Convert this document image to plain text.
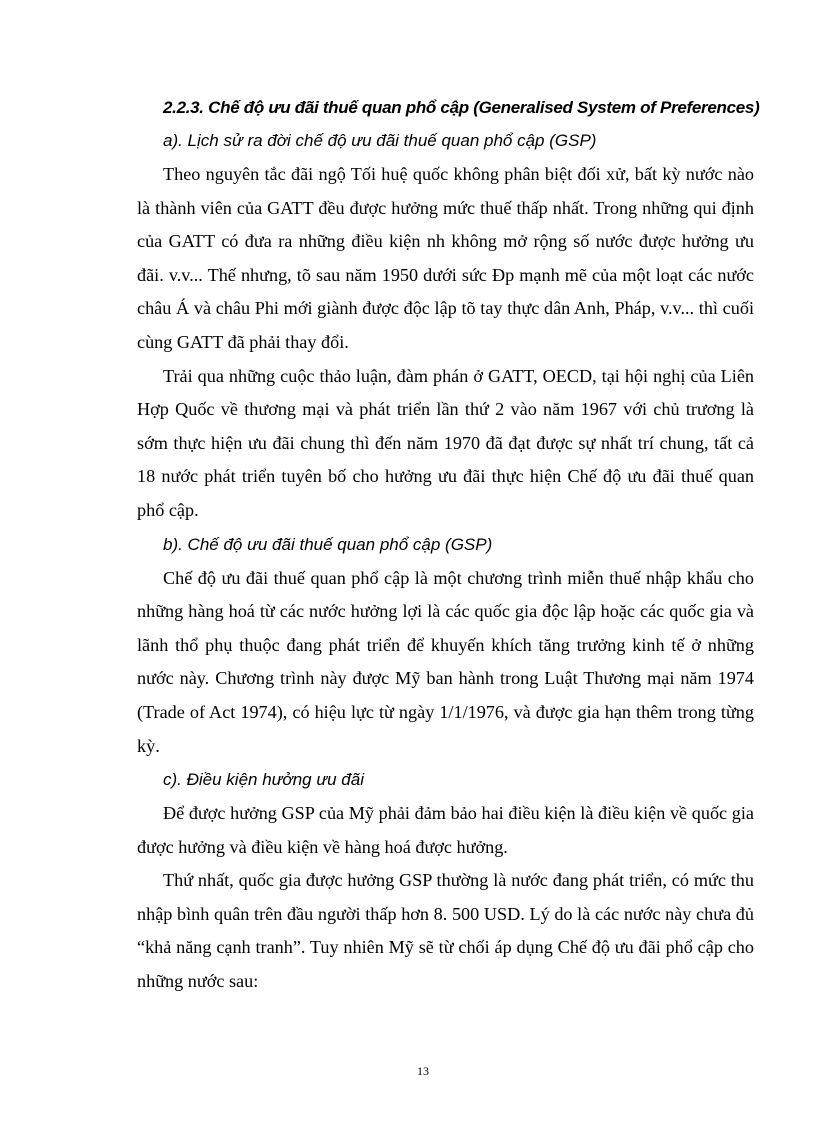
2.2.3. Chế độ ưu đãi thuế quan phổ cập (Generalised System of Preferences)

a). Lịch sử ra đời chế độ ưu đãi thuế quan phổ cập (GSP)

Theo nguyên tắc đãi ngộ Tối huệ quốc không phân biệt đối xử, bất kỳ nước nào là thành viên của GATT đều được hưởng mức thuế thấp nhất. Trong những qui định của GATT có đưa ra những điều kiện nh không mở rộng số nước được hưởng ưu đãi. v.v... Thế nhưng, tõ sau năm 1950 dưới sức Ðp mạnh mẽ của một loạt các nước châu Á và châu Phi mới giành được độc lập tõ tay thực dân Anh, Pháp, v.v... thì cuối cùng GATT đã phải thay đổi.

Trải qua những cuộc thảo luận, đàm phán ở GATT, OECD, tại hội nghị của Liên Hợp Quốc về thương mại và phát triển lần thứ 2 vào năm 1967 với chủ trương là sớm thực hiện ưu đãi chung thì đến năm 1970 đã đạt được sự nhất trí chung, tất cả 18 nước phát triển tuyên bố cho hưởng ưu đãi thực hiện Chế độ ưu đãi thuế quan phổ cập.

b). Chế độ ưu đãi thuế quan phổ cập (GSP)

Chế độ ưu đãi thuế quan phổ cập là một chương trình miễn thuế nhập khẩu cho những hàng hoá từ các nước hưởng lợi là các quốc gia độc lập hoặc các quốc gia và lãnh thổ phụ thuộc đang phát triển để khuyến khích tăng trưởng kinh tế ở những nước này. Chương trình này được Mỹ ban hành trong Luật Thương mại năm 1974 (Trade of Act 1974), có hiệu lực từ ngày 1/1/1976, và được gia hạn thêm trong từng kỳ.

c). Điều kiện hưởng ưu đãi

Để được hưởng GSP của Mỹ phải đảm bảo hai điều kiện là điều kiện về quốc gia được hưởng và điều kiện về hàng hoá được hưởng.

Thứ nhất, quốc gia được hưởng GSP thường là nước đang phát triển, có mức thu nhập bình quân trên đầu người thấp hơn 8. 500 USD. Lý do là các nước này chưa đủ “khả năng cạnh tranh”. Tuy nhiên Mỹ sẽ từ chối áp dụng Chế độ ưu đãi phổ cập cho những nước sau:

13
